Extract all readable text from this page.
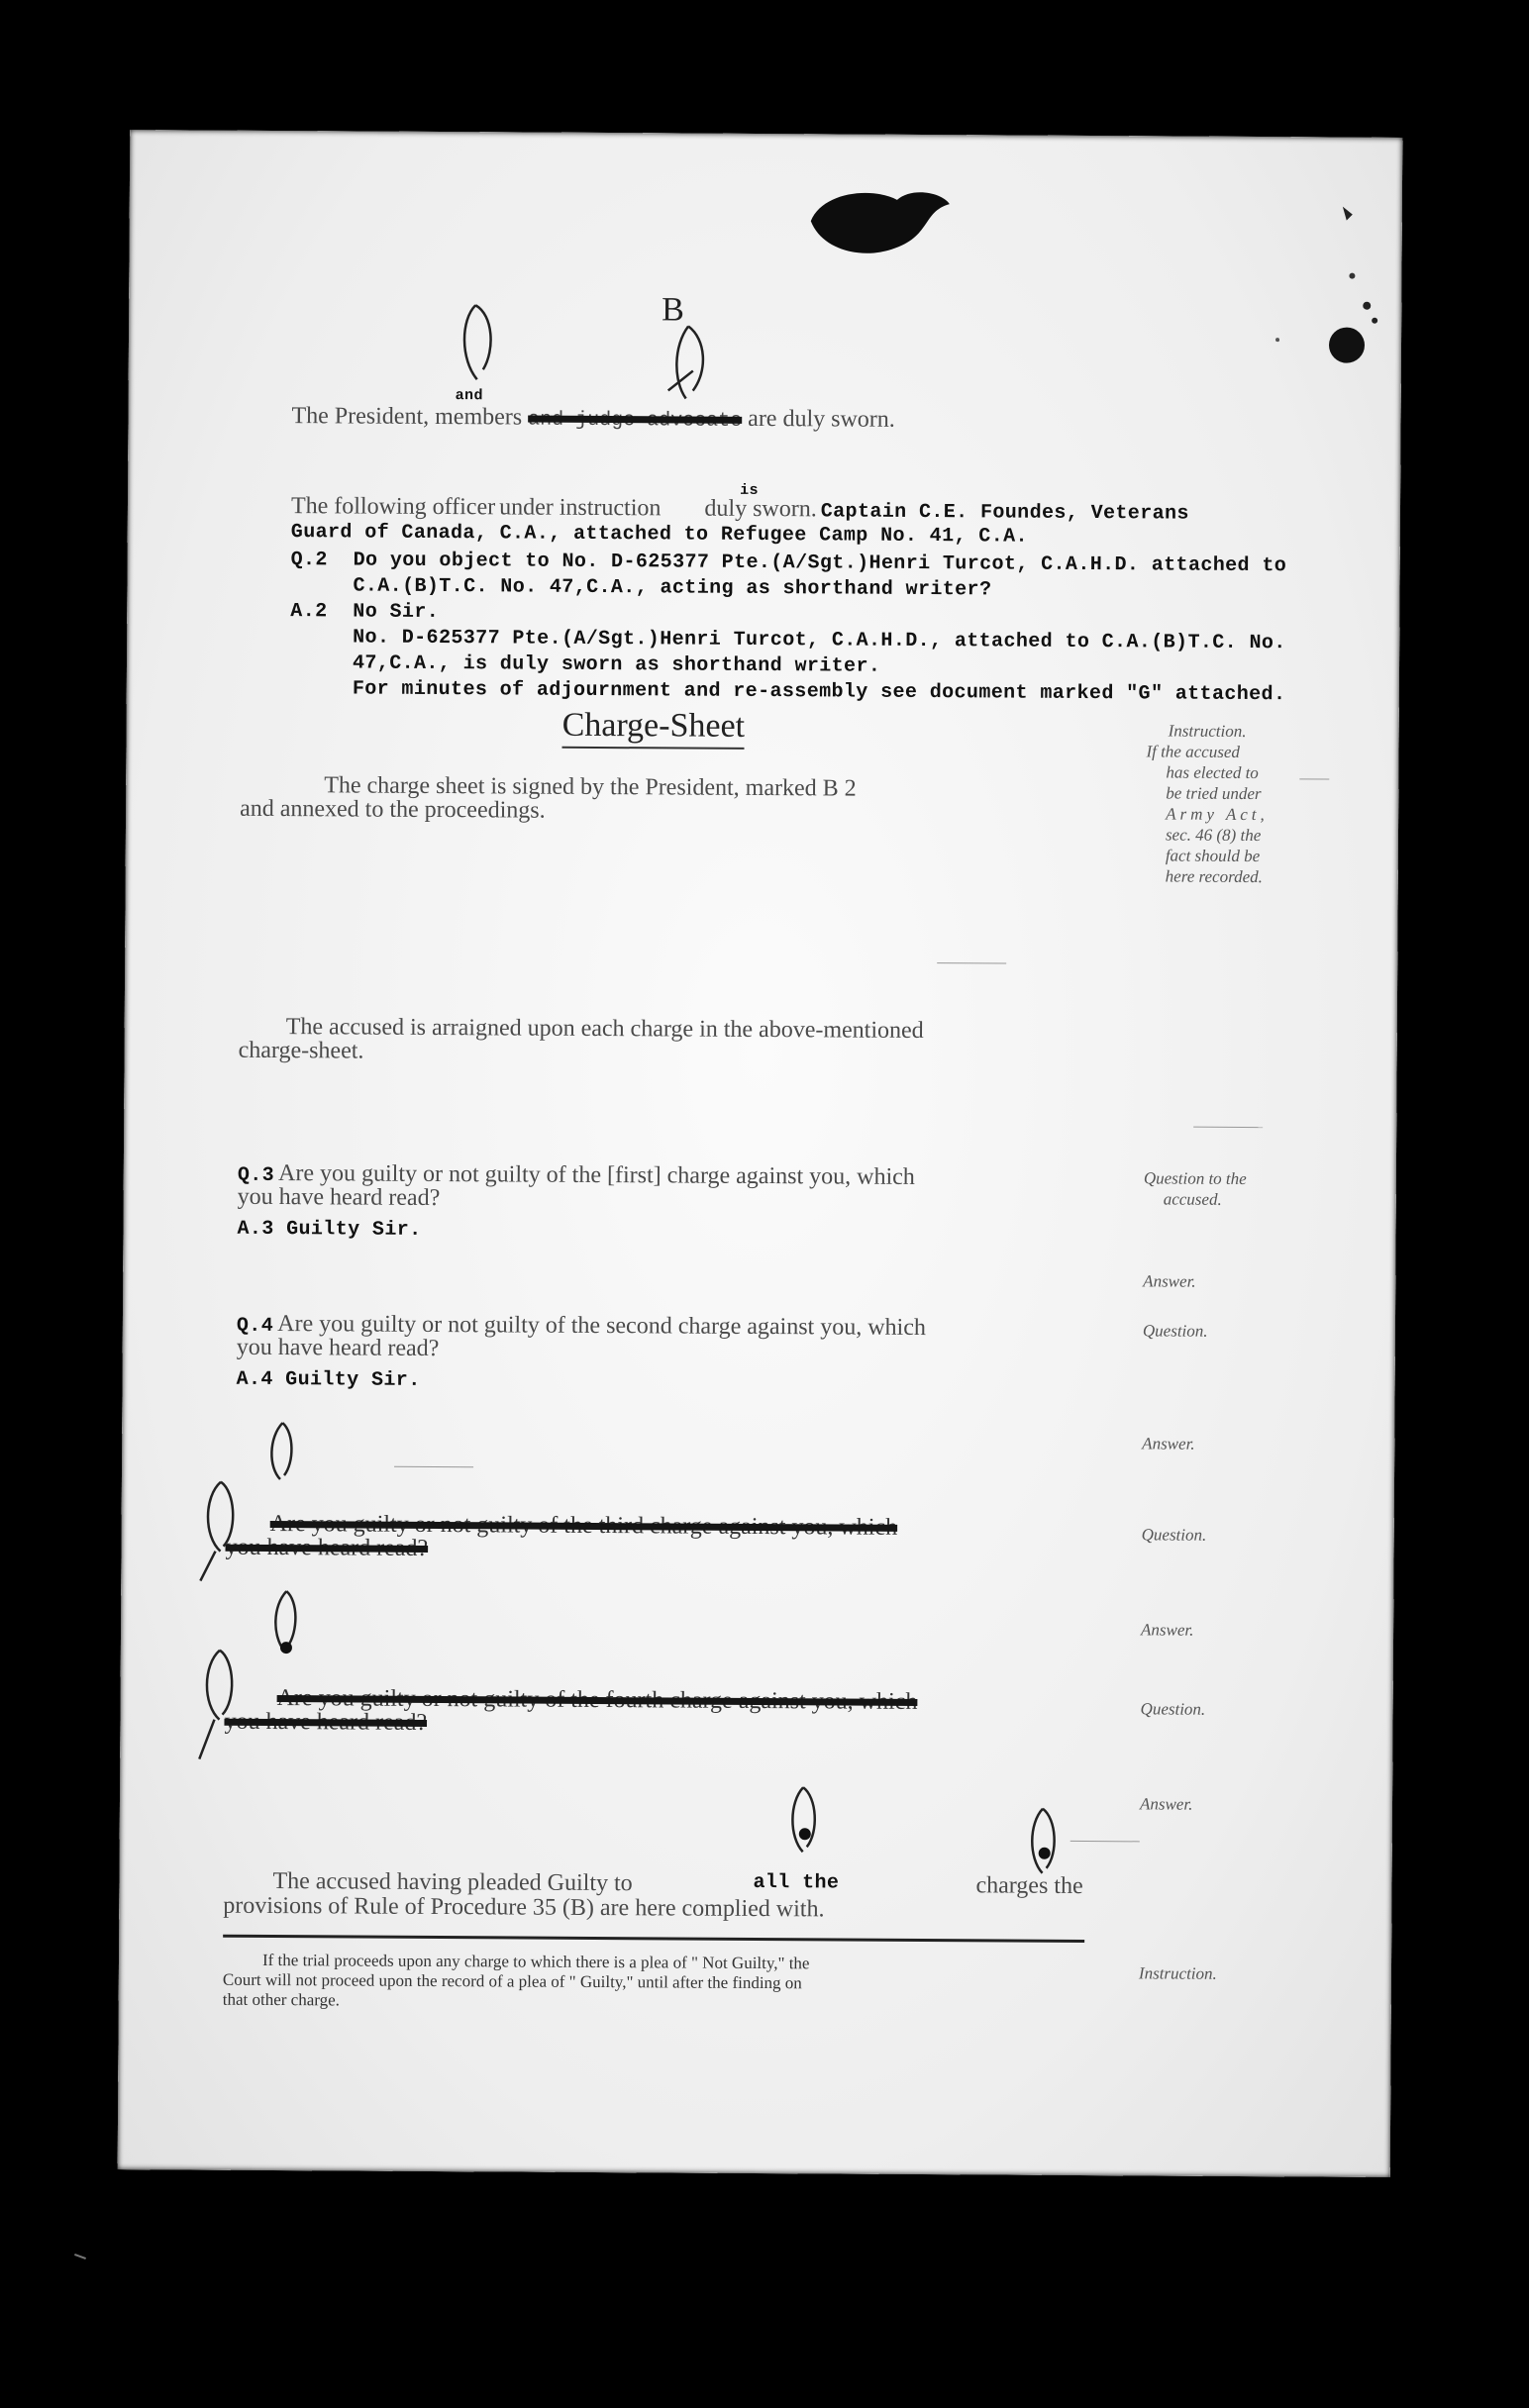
B
The President, members and judge advocate are duly sworn.
and
The following officer under instruction duly sworn. Captain C.E. Foundes, Veterans
is
Guard of Canada, C.A., attached to Refugee Camp No. 41, C.A.
Q.2 Do you object to No. D-625377 Pte.(A/Sgt.)Henri Turcot, C.A.H.D. attached to
C.A.(B)T.C. No. 47,C.A., acting as shorthand writer?
A.2 No Sir.
No. D-625377 Pte.(A/Sgt.)Henri Turcot, C.A.H.D., attached to C.A.(B)T.C. No.
47,C.A., is duly sworn as shorthand writer.
For minutes of adjournment and re-assembly see document marked "G" attached.
Charge-Sheet	Instruction.
If the accused
has elected to
be tried under
Army Act,
sec. 46 (8) the
fact should be
here recorded.
The charge sheet is signed by the President, marked B 2
and annexed to the proceedings.
The accused is arraigned upon each charge in the above-mentioned
charge-sheet.
Q.3 Are you guilty or not guilty of the [first] charge against you, which
you have heard read?
A.3 Guilty Sir.
Question to the
accused.
Answer.
Q.4 Are you guilty or not guilty of the second charge against you, which
you have heard read?
A.4 Guilty Sir.
Question.
Answer.
Are you guilty or not guilty of the third charge against you, which
you have heard read?	Question.
Answer.
Are you guilty or not guilty of the fourth charge against you, which
you have heard read?	Question.
Answer.
The accused having pleaded Guilty to	all the	charges the
provisions of Rule of Procedure 35 (B) are here complied with.
If the trial proceeds upon any charge to which there is a plea of " Not Guilty," the
Court will not proceed upon the record of a plea of " Guilty," until after the finding on
that other charge.
Instruction.
